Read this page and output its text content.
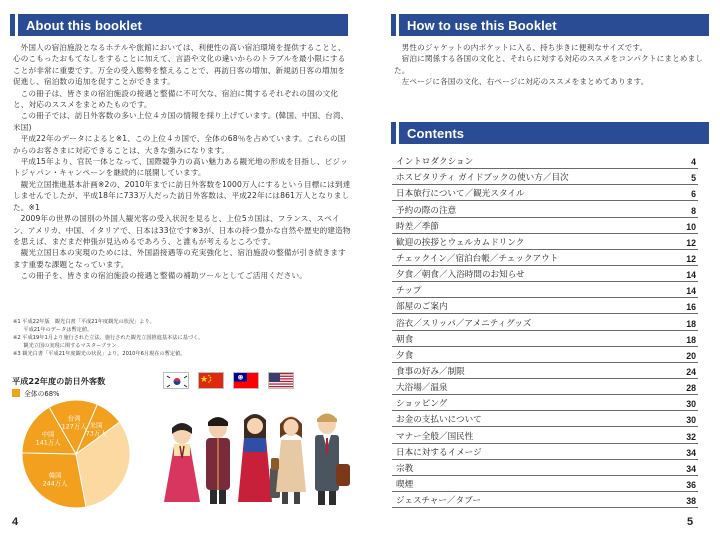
About this booklet

外国人の宿泊施設となるホテルや旅館においては、利便性の高い宿泊環境を提供することと、心のこもったおもてなしをすることに加えて、言語や文化の違いからのトラブルを最小限にすることが非常に重要です。万全の受入態勢を整えることで、再訪日客の増加、新規訪日客の増加を促進し、宿泊数の追加を促すことができます。

この冊子は、皆さまの宿泊施設の接遇と整備に不可欠な、宿泊に関するそれぞれの国の文化と、対応のススメをまとめたものです。

この冊子では、訪日外客数の多い上位４カ国の情報を採り上げています。(韓国、中国、台湾、米国)

平成22年のデータによると※1、この上位４カ国で、全体の68％を占めています。これらの国からのお客さまに対応できることは、大きな強みになります。

平成15年より、官民一体となって、国際競争力の高い魅力ある観光地の形成を目指し、ビジットジャパン・キャンペーンを継続的に展開しています。

観光立国推進基本計画※2の、2010年までに訪日外客数を1000万人にするという目標には到達しませんでしたが、平成18年に733万人だった訪日外客数は、平成22年には861万人となりました。※1

2009年の世界の国別の外国人観光客の受入状況を見ると、上位5カ国は、フランス、スペイン、アメリカ、中国、イタリアで、日本は33位です※3が、日本の持つ豊かな自然や歴史的建造物を思えば、まだまだ伸張が見込めるであろう、と誰もが考えるところです。

観光立国日本の実現のためには、外国語接遇等の充実強化と、宿泊施設の整備が引き続きますます重要な課題となっています。

この冊子を、皆さまの宿泊施設の接遇と整備の補助ツールとしてご活用ください。

※1 平成22年版　観光白書「平成21年度観光の状況」より。
　　平成21年のデータは暫定値。
※2 平成19年1月より施行された立法、施行された観光立国推進基本法に基づく、
　　観光立国の実現に関するマスタープラン
※3 観光白書「平成21年度観光の状況」より。2010年6月現在の暫定値。
平成22年度の訪日外客数
全体の68%
韓国
244万人
中国
141万人
台湾
127万人 米国
73万人
4
How to use this Booklet

男性のジャケットの内ポケットに入る、持ち歩きに便利なサイズです。

宿泊に関係する各国の文化と、それらに対する対応のススメをコンパクトにまとめました。

左ページに各国の文化、右ページに対応のススメをまとめてあります。

Contents
イントロダクション	4
ホスピタリティ ガイドブックの使い方／目次	5
日本旅行について／観光スタイル	6
予約の際の注意	8
時差／季節	10
歓迎の挨拶とウェルカムドリンク	12
チェックイン／宿泊台帳／チェックアウト	12
夕食／朝食／入浴時間のお知らせ	14
チップ	14
部屋のご案内	16
浴衣／スリッパ／アメニティグッズ	18
朝食	18
夕食	20
食事の好み／制限	24
大浴場／温泉	28
ショッピング	30
お金の支払いについて	30
マナー全般／国民性	32
日本に対するイメージ	34
宗教	34
喫煙	36
ジェスチャー／タブー	38
5
